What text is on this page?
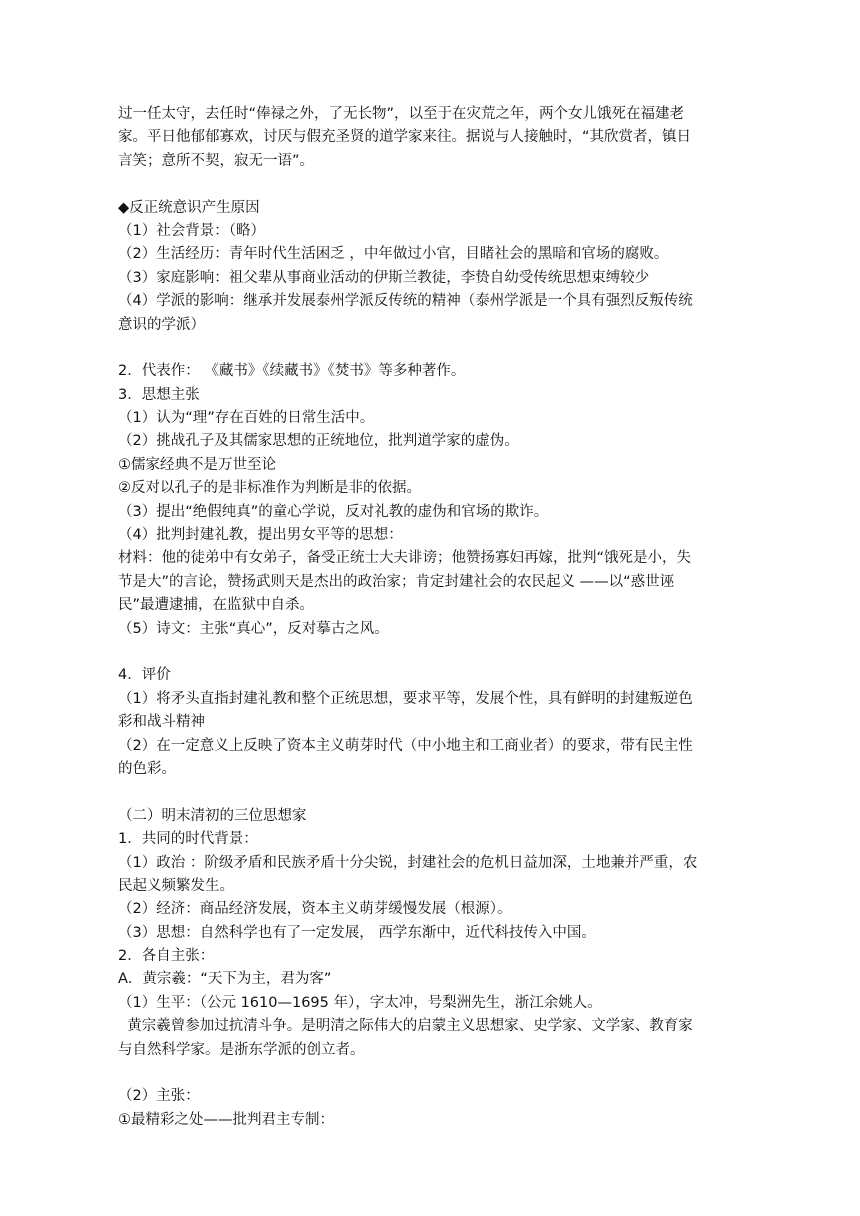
过一任太守，去任时“俸禄之外，了无长物”，以至于在灾荒之年，两个女儿饿死在福建老

家。平日他郁郁寡欢，讨厌与假充圣贤的道学家来往。据说与人接触时，“其欣赏者，镇日

言笑；意所不契，寂无一语”。

◆反正统意识产生原因

（1）社会背景：（略）

（2）生活经历：青年时代生活困乏 ，中年做过小官，目睹社会的黑暗和官场的腐败。

（3）家庭影响：祖父辈从事商业活动的伊斯兰教徒，李贽自幼受传统思想束缚较少

（4）学派的影响：继承并发展泰州学派反传统的精神（泰州学派是一个具有强烈反叛传统

意识的学派）

2．代表作： 《藏书》《续藏书》《焚书》等多种著作。

3．思想主张

（1）认为“理”存在百姓的日常生活中。

（2）挑战孔子及其儒家思想的正统地位，批判道学家的虚伪。

①儒家经典不是万世至论

②反对以孔子的是非标准作为判断是非的依据。

（3）提出“绝假纯真”的童心学说，反对礼教的虚伪和官场的欺诈。

（4）批判封建礼教，提出男女平等的思想：

材料：他的徒弟中有女弟子，备受正统士大夫诽谤；他赞扬寡妇再嫁，批判“饿死是小，失

节是大”的言论，赞扬武则天是杰出的政治家；肯定封建社会的农民起义 ——以“惑世诬

民”最遭逮捕，在监狱中自杀。

（5）诗文：主张“真心”，反对摹古之风。

4．评价

（1）将矛头直指封建礼教和整个正统思想，要求平等，发展个性，具有鲜明的封建叛逆色

彩和战斗精神

（2）在一定意义上反映了资本主义萌芽时代（中小地主和工商业者）的要求，带有民主性

的色彩。

（二）明末清初的三位思想家

1．共同的时代背景：

（1）政治 ：阶级矛盾和民族矛盾十分尖锐，封建社会的危机日益加深，土地兼并严重，农

民起义频繁发生。

（2）经济：商品经济发展，资本主义萌芽缓慢发展（根源）。

（3）思想：自然科学也有了一定发展， 西学东渐中，近代科技传入中国。

2．各自主张：

A．黄宗羲：“天下为主，君为客”

（1）生平：（公元 1610—1695 年），字太冲，号梨洲先生，浙江余姚人。

黄宗羲曾参加过抗清斗争。是明清之际伟大的启蒙主义思想家、史学家、文学家、教育家

与自然科学家。是浙东学派的创立者。

（2）主张：

①最精彩之处——批判君主专制：
